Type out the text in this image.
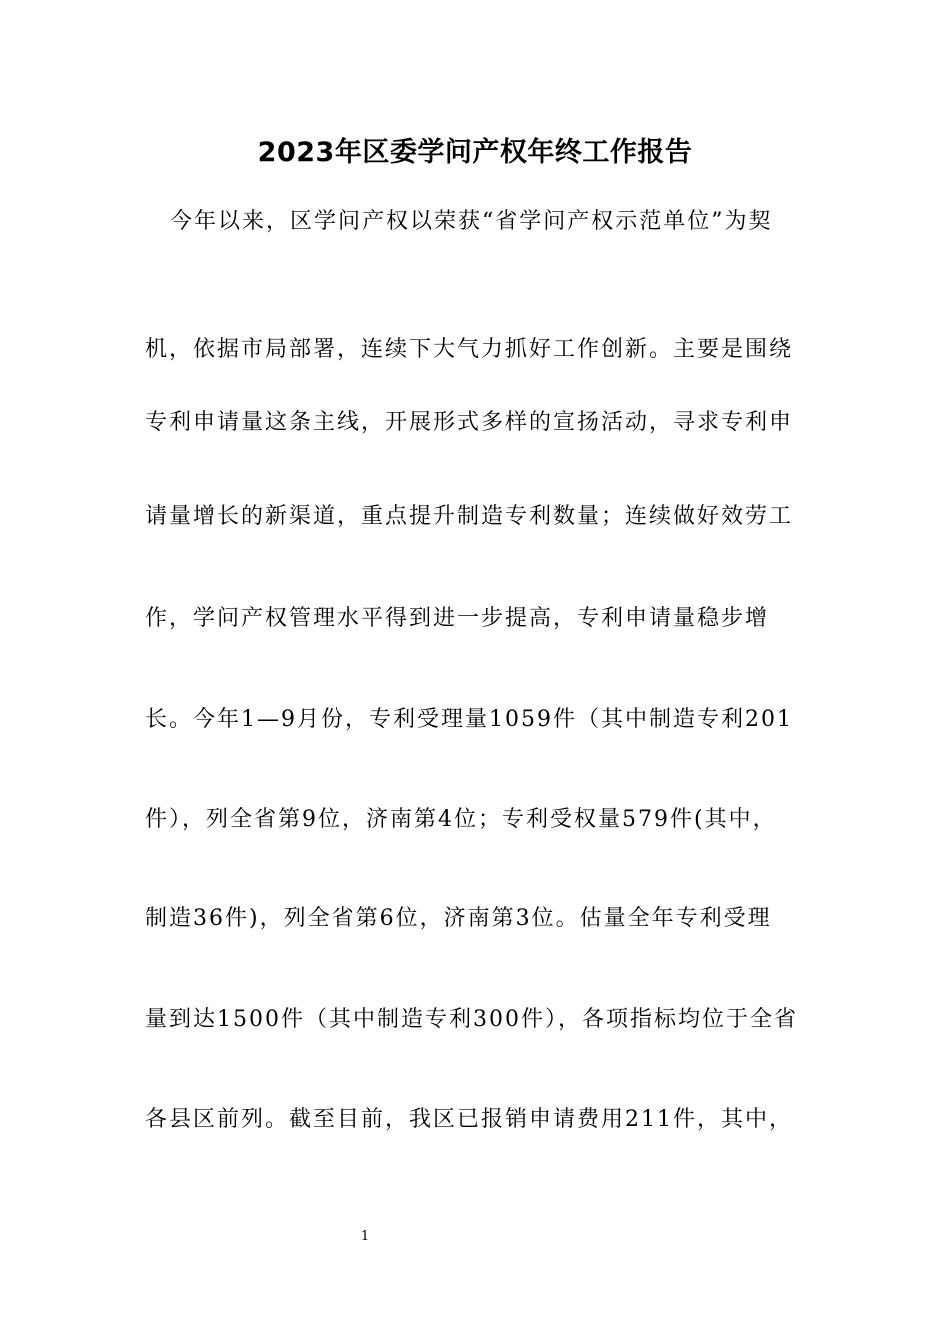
2023年区委学问产权年终工作报告
今年以来，区学问产权以荣获“省学问产权示范单位”为契
机，依据市局部署，连续下大气力抓好工作创新。主要是围绕
专利申请量这条主线，开展形式多样的宣扬活动，寻求专利申
请量增长的新渠道，重点提升制造专利数量；连续做好效劳工
作，学问产权管理水平得到进一步提高，专利申请量稳步增
长。今年1—9月份，专利受理量1059件（其中制造专利201
件），列全省第9位，济南第4位；专利受权量579件(其中，
制造36件)，列全省第6位，济南第3位。估量全年专利受理
量到达1500件（其中制造专利300件），各项指标均位于全省
各县区前列。截至目前，我区已报销申请费用211件，其中，
1
